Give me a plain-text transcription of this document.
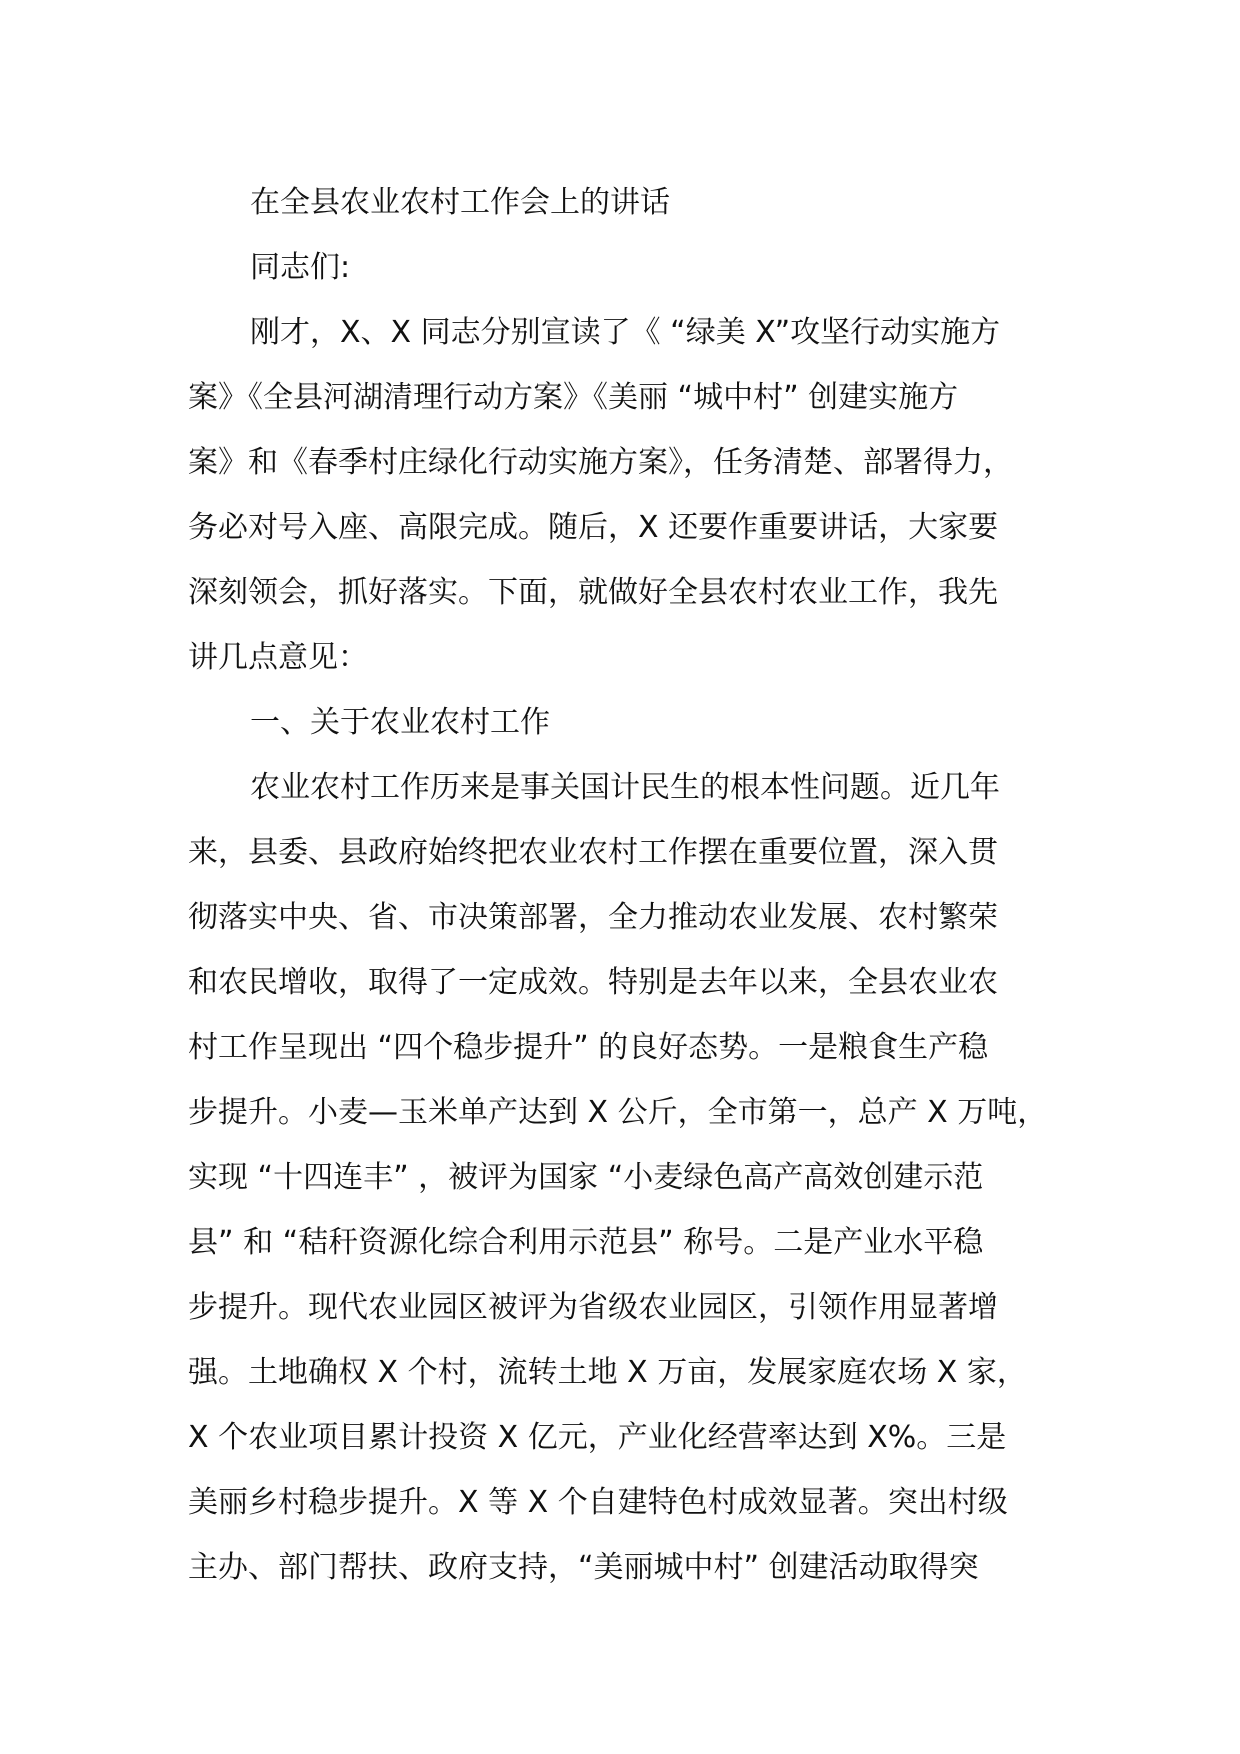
在全县农业农村工作会上的讲话
同志们:
刚才，X、X 同志分别宣读了《 “绿美 X”攻坚行动实施方
案》《全县河湖清理行动方案》《美丽 “城中村” 创建实施方
案》和《春季村庄绿化行动实施方案》，任务清楚、部署得力，
务必对号入座、高限完成。随后，X 还要作重要讲话，大家要
深刻领会，抓好落实。下面，就做好全县农村农业工作，我先
讲几点意见：
一、关于农业农村工作
农业农村工作历来是事关国计民生的根本性问题。近几年
来，县委、县政府始终把农业农村工作摆在重要位置，深入贯
彻落实中央、省、市决策部署，全力推动农业发展、农村繁荣
和农民增收，取得了一定成效。特别是去年以来，全县农业农
村工作呈现出 “四个稳步提升” 的良好态势。一是粮食生产稳
步提升。小麦—玉米单产达到 X 公斤，全市第一，总产 X 万吨，
实现 “十四连丰” ，被评为国家 “小麦绿色高产高效创建示范
县” 和 “秸秆资源化综合利用示范县” 称号。二是产业水平稳
步提升。现代农业园区被评为省级农业园区，引领作用显著增
强。土地确权 X 个村，流转土地 X 万亩，发展家庭农场 X 家，
X 个农业项目累计投资 X 亿元，产业化经营率达到 X%。三是
美丽乡村稳步提升。X 等 X 个自建特色村成效显著。突出村级
主办、部门帮扶、政府支持，“美丽城中村” 创建活动取得突
